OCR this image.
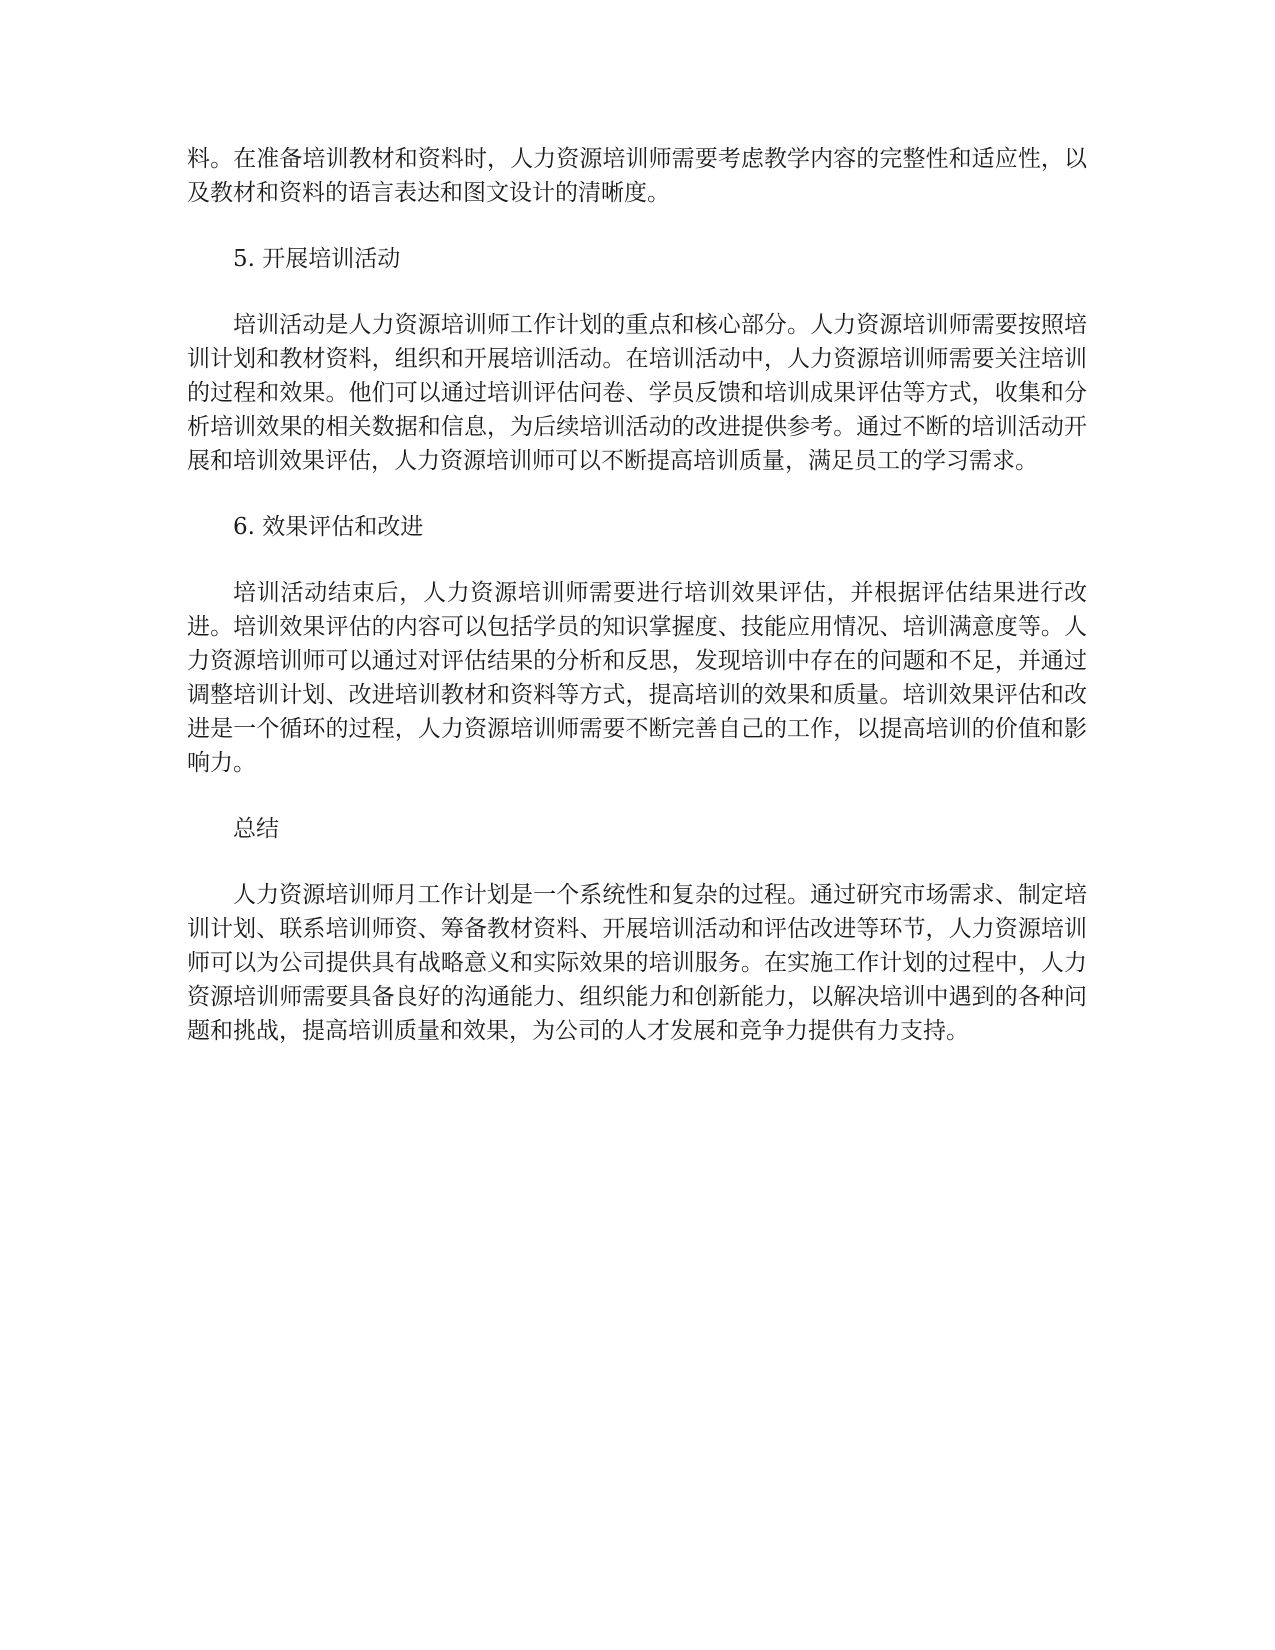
料。在准备培训教材和资料时，人力资源培训师需要考虑教学内容的完整性和适应性，以及教材和资料的语言表达和图文设计的清晰度。

5. 开展培训活动

培训活动是人力资源培训师工作计划的重点和核心部分。人力资源培训师需要按照培训计划和教材资料，组织和开展培训活动。在培训活动中，人力资源培训师需要关注培训的过程和效果。他们可以通过培训评估问卷、学员反馈和培训成果评估等方式，收集和分析培训效果的相关数据和信息，为后续培训活动的改进提供参考。通过不断的培训活动开展和培训效果评估，人力资源培训师可以不断提高培训质量，满足员工的学习需求。

6. 效果评估和改进

培训活动结束后，人力资源培训师需要进行培训效果评估，并根据评估结果进行改进。培训效果评估的内容可以包括学员的知识掌握度、技能应用情况、培训满意度等。人力资源培训师可以通过对评估结果的分析和反思，发现培训中存在的问题和不足，并通过调整培训计划、改进培训教材和资料等方式，提高培训的效果和质量。培训效果评估和改进是一个循环的过程，人力资源培训师需要不断完善自己的工作，以提高培训的价值和影响力。

总结

人力资源培训师月工作计划是一个系统性和复杂的过程。通过研究市场需求、制定培训计划、联系培训师资、筹备教材资料、开展培训活动和评估改进等环节，人力资源培训师可以为公司提供具有战略意义和实际效果的培训服务。在实施工作计划的过程中，人力资源培训师需要具备良好的沟通能力、组织能力和创新能力，以解决培训中遇到的各种问题和挑战，提高培训质量和效果，为公司的人才发展和竞争力提供有力支持。
